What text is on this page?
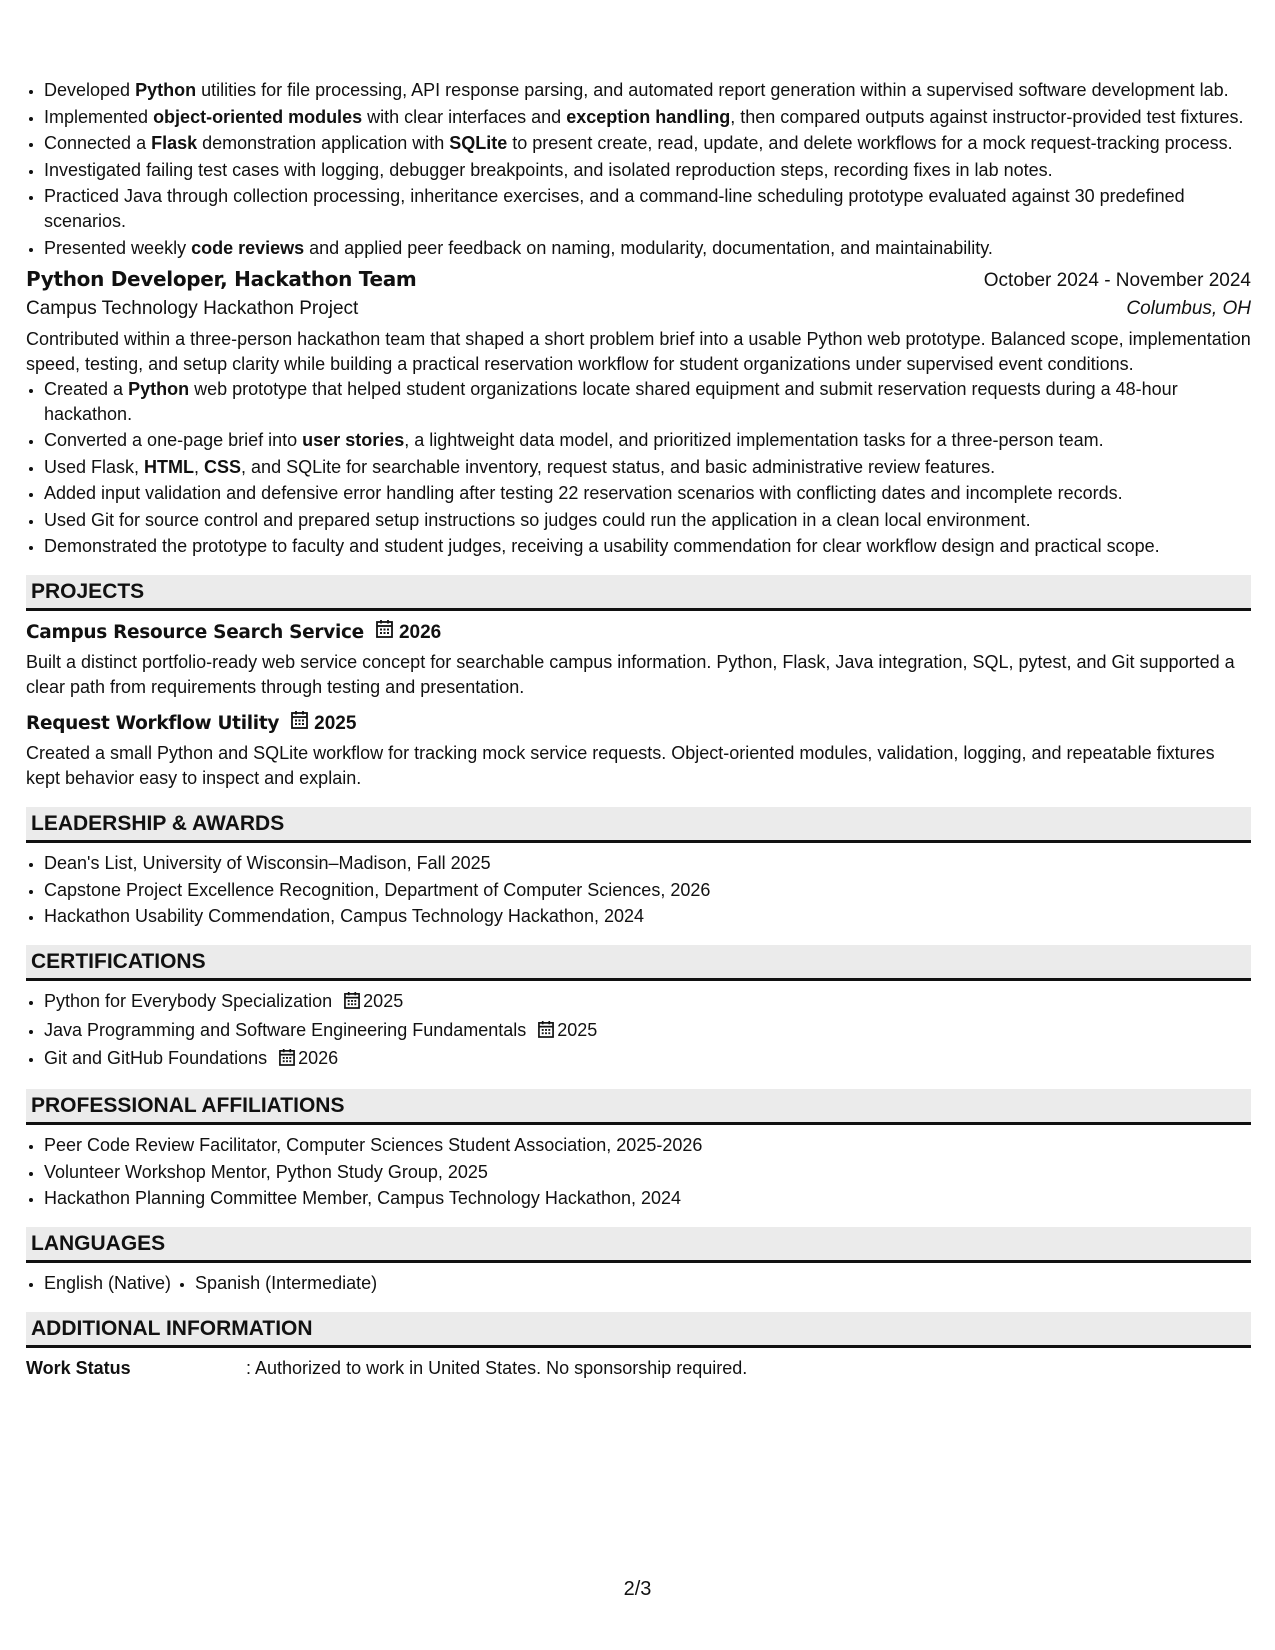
• Developed Python utilities for file processing, API response parsing, and automated report generation within a supervised software development lab.
• Implemented object-oriented modules with clear interfaces and exception handling, then compared outputs against instructor-provided test fixtures.
• Connected a Flask demonstration application with SQLite to present create, read, update, and delete workflows for a mock request-tracking process.
• Investigated failing test cases with logging, debugger breakpoints, and isolated reproduction steps, recording fixes in lab notes.
• Practiced Java through collection processing, inheritance exercises, and a command-line scheduling prototype evaluated against 30 predefined scenarios.
• Presented weekly code reviews and applied peer feedback on naming, modularity, documentation, and maintainability.
Python Developer, Hackathon Team	October 2024 - November 2024
Campus Technology Hackathon Project	Columbus, OH
Contributed within a three-person hackathon team that shaped a short problem brief into a usable Python web prototype. Balanced scope, implementation speed, testing, and setup clarity while building a practical reservation workflow for student organizations under supervised event conditions.
• Created a Python web prototype that helped student organizations locate shared equipment and submit reservation requests during a 48-hour hackathon.
• Converted a one-page brief into user stories, a lightweight data model, and prioritized implementation tasks for a three-person team.
• Used Flask, HTML, CSS, and SQLite for searchable inventory, request status, and basic administrative review features.
• Added input validation and defensive error handling after testing 22 reservation scenarios with conflicting dates and incomplete records.
• Used Git for source control and prepared setup instructions so judges could run the application in a clean local environment.
• Demonstrated the prototype to faculty and student judges, receiving a usability commendation for clear workflow design and practical scope.
PROJECTS
Campus Resource Search Service 2026
Built a distinct portfolio-ready web service concept for searchable campus information. Python, Flask, Java integration, SQL, pytest, and Git supported a clear path from requirements through testing and presentation.
Request Workflow Utility 2025
Created a small Python and SQLite workflow for tracking mock service requests. Object-oriented modules, validation, logging, and repeatable fixtures kept behavior easy to inspect and explain.
LEADERSHIP & AWARDS
• Dean's List, University of Wisconsin–Madison, Fall 2025
• Capstone Project Excellence Recognition, Department of Computer Sciences, 2026
• Hackathon Usability Commendation, Campus Technology Hackathon, 2024
CERTIFICATIONS
• Python for Everybody Specialization 2025
• Java Programming and Software Engineering Fundamentals 2025
• Git and GitHub Foundations 2026
PROFESSIONAL AFFILIATIONS
• Peer Code Review Facilitator, Computer Sciences Student Association, 2025-2026
• Volunteer Workshop Mentor, Python Study Group, 2025
• Hackathon Planning Committee Member, Campus Technology Hackathon, 2024
LANGUAGES
• English (Native)
• Spanish (Intermediate)
ADDITIONAL INFORMATION
Work Status	: Authorized to work in United States. No sponsorship required.
2/3
